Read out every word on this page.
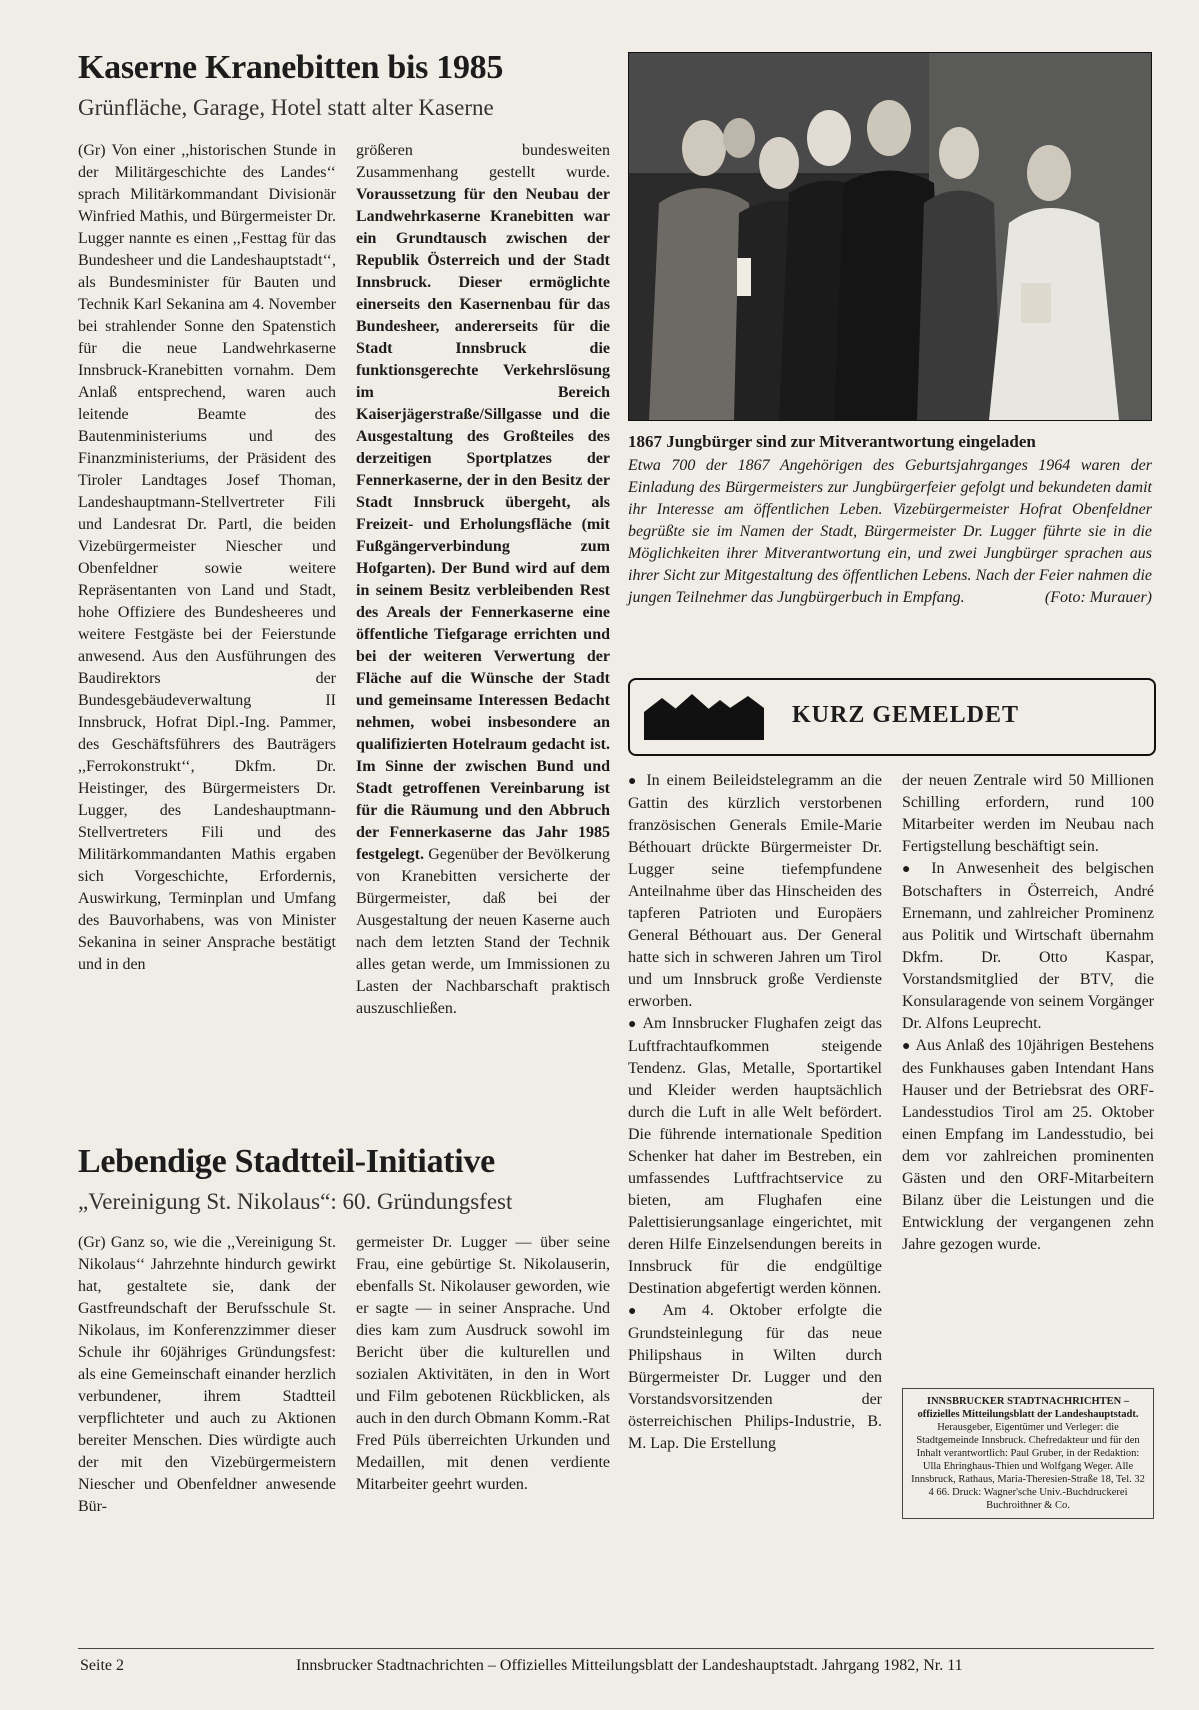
Kaserne Kranebitten bis 1985
Grünfläche, Garage, Hotel statt alter Kaserne

(Gr) Von einer ,,historischen Stunde in der Militärgeschichte des Landes‘‘ sprach Militärkommandant Divisionär Winfried Mathis, und Bürgermeister Dr. Lugger nannte es einen ,,Festtag für das Bundesheer und die Landeshauptstadt‘‘, als Bundesminister für Bauten und Technik Karl Sekanina am 4. November bei strahlender Sonne den Spatenstich für die neue Landwehrkaserne Innsbruck-Kranebitten vornahm. Dem Anlaß entsprechend, waren auch leitende Beamte des Bautenministeriums und des Finanzministeriums, der Präsident des Tiroler Landtages Josef Thoman, Landeshauptmann-Stellvertreter Fili und Landesrat Dr. Partl, die beiden Vizebürgermeister Niescher und Obenfeldner sowie weitere Repräsentanten von Land und Stadt, hohe Offiziere des Bundesheeres und weitere Festgäste bei der Feierstunde anwesend. Aus den Ausführungen des Baudirektors der Bundesgebäudeverwaltung II Innsbruck, Hofrat Dipl.-Ing. Pammer, des Geschäftsführers des Bauträgers ,,Ferrokonstrukt‘‘, Dkfm. Dr. Heistinger, des Bürgermeisters Dr. Lugger, des Landeshauptmann-Stellvertreters Fili und des Militärkommandanten Mathis ergaben sich Vorgeschichte, Erfordernis, Auswirkung, Terminplan und Umfang des Bauvorhabens, was von Minister Sekanina in seiner Ansprache bestätigt und in den

größeren bundesweiten Zusammenhang gestellt wurde. Voraussetzung für den Neubau der Landwehrkaserne Kranebitten war ein Grundtausch zwischen der Republik Österreich und der Stadt Innsbruck. Dieser ermöglichte einerseits den Kasernenbau für das Bundesheer, andererseits für die Stadt Innsbruck die funktionsgerechte Verkehrslösung im Bereich Kaiserjägerstraße/Sillgasse und die Ausgestaltung des Großteiles des derzeitigen Sportplatzes der Fennerkaserne, der in den Besitz der Stadt Innsbruck übergeht, als Freizeit- und Erholungsfläche (mit Fußgängerverbindung zum Hofgarten). Der Bund wird auf dem in seinem Besitz verbleibenden Rest des Areals der Fennerkaserne eine öffentliche Tiefgarage errichten und bei der weiteren Verwertung der Fläche auf die Wünsche der Stadt und gemeinsame Interessen Bedacht nehmen, wobei insbesondere an qualifizierten Hotelraum gedacht ist. Im Sinne der zwischen Bund und Stadt getroffenen Vereinbarung ist für die Räumung und den Abbruch der Fennerkaserne das Jahr 1985 festgelegt. Gegenüber der Bevölkerung von Kranebitten versicherte der Bürgermeister, daß bei der Ausgestaltung der neuen Kaserne auch nach dem letzten Stand der Technik alles getan werde, um Immissionen zu Lasten der Nachbarschaft praktisch auszuschließen.
1867 Jungbürger sind zur Mitverantwortung eingeladen
Etwa 700 der 1867 Angehörigen des Geburtsjahrganges 1964 waren der Einladung des Bürgermeisters zur Jungbürgerfeier gefolgt und bekundeten damit ihr Interesse am öffentlichen Leben. Vizebürgermeister Hofrat Obenfeldner begrüßte sie im Namen der Stadt, Bürgermeister Dr. Lugger führte sie in die Möglichkeiten ihrer Mitverantwortung ein, und zwei Jungbürger sprachen aus ihrer Sicht zur Mitgestaltung des öffentlichen Lebens. Nach der Feier nahmen die jungen Teilnehmer das Jungbürgerbuch in Empfang.	(Foto: Murauer)
KURZ GEMELDET

● In einem Beileidstelegramm an die Gattin des kürzlich verstorbenen französischen Generals Emile-Marie Béthouart drückte Bürgermeister Dr. Lugger seine tiefempfundene Anteilnahme über das Hinscheiden des tapferen Patrioten und Europäers General Béthouart aus. Der General hatte sich in schweren Jahren um Tirol und um Innsbruck große Verdienste erworben.

● Am Innsbrucker Flughafen zeigt das Luftfrachtaufkommen steigende Tendenz. Glas, Metalle, Sportartikel und Kleider werden hauptsächlich durch die Luft in alle Welt befördert. Die führende internationale Spedition Schenker hat daher im Bestreben, ein umfassendes Luftfrachtservice zu bieten, am Flughafen eine Palettisierungsanlage eingerichtet, mit deren Hilfe Einzelsendungen bereits in Innsbruck für die endgültige Destination abgefertigt werden können.

● Am 4. Oktober erfolgte die Grundsteinlegung für das neue Philipshaus in Wilten durch Bürgermeister Dr. Lugger und den Vorstandsvorsitzenden der österreichischen Philips-Industrie, B. M. Lap. Die Erstellung

der neuen Zentrale wird 50 Millionen Schilling erfordern, rund 100 Mitarbeiter werden im Neubau nach Fertigstellung beschäftigt sein.

● In Anwesenheit des belgischen Botschafters in Österreich, André Ernemann, und zahlreicher Prominenz aus Politik und Wirtschaft übernahm Dkfm. Dr. Otto Kaspar, Vorstandsmitglied der BTV, die Konsularagende von seinem Vorgänger Dr. Alfons Leuprecht.

● Aus Anlaß des 10jährigen Bestehens des Funkhauses gaben Intendant Hans Hauser und der Betriebsrat des ORF-Landesstudios Tirol am 25. Oktober einen Empfang im Landesstudio, bei dem vor zahlreichen prominenten Gästen und den ORF-Mitarbeitern Bilanz über die Leistungen und die Entwicklung der vergangenen zehn Jahre gezogen wurde.

INNSBRUCKER STADTNACHRICHTEN – offizielles Mitteilungsblatt der Landeshauptstadt. Herausgeber, Eigentümer und Verleger: die Stadtgemeinde Innsbruck. Chefredakteur und für den Inhalt verantwortlich: Paul Gruber, in der Redaktion: Ulla Ehringhaus-Thien und Wolfgang Weger. Alle Innsbruck, Rathaus, Maria-Theresien-Straße 18, Tel. 32 4 66. Druck: Wagner'sche Univ.-Buchdruckerei Buchroithner & Co.
Lebendige Stadtteil-Initiative
„Vereinigung St. Nikolaus“: 60. Gründungsfest

(Gr) Ganz so, wie die ,,Vereinigung St. Nikolaus‘‘ Jahrzehnte hindurch gewirkt hat, gestaltete sie, dank der Gastfreundschaft der Berufsschule St. Nikolaus, im Konferenzzimmer dieser Schule ihr 60jähriges Gründungsfest: als eine Gemeinschaft einander herzlich verbundener, ihrem Stadtteil verpflichteter und auch zu Aktionen bereiter Menschen. Dies würdigte auch der mit den Vizebürgermeistern Niescher und Obenfeldner anwesende Bür-

germeister Dr. Lugger — über seine Frau, eine gebürtige St. Nikolauserin, ebenfalls St. Nikolauser geworden, wie er sagte — in seiner Ansprache. Und dies kam zum Ausdruck sowohl im Bericht über die kulturellen und sozialen Aktivitäten, in den in Wort und Film gebotenen Rückblicken, als auch in den durch Obmann Komm.-Rat Fred Püls überreichten Urkunden und Medaillen, mit denen verdiente Mitarbeiter geehrt wurden.

Seite 2	Innsbrucker Stadtnachrichten – Offizielles Mitteilungsblatt der Landeshauptstadt. Jahrgang 1982, Nr. 11
